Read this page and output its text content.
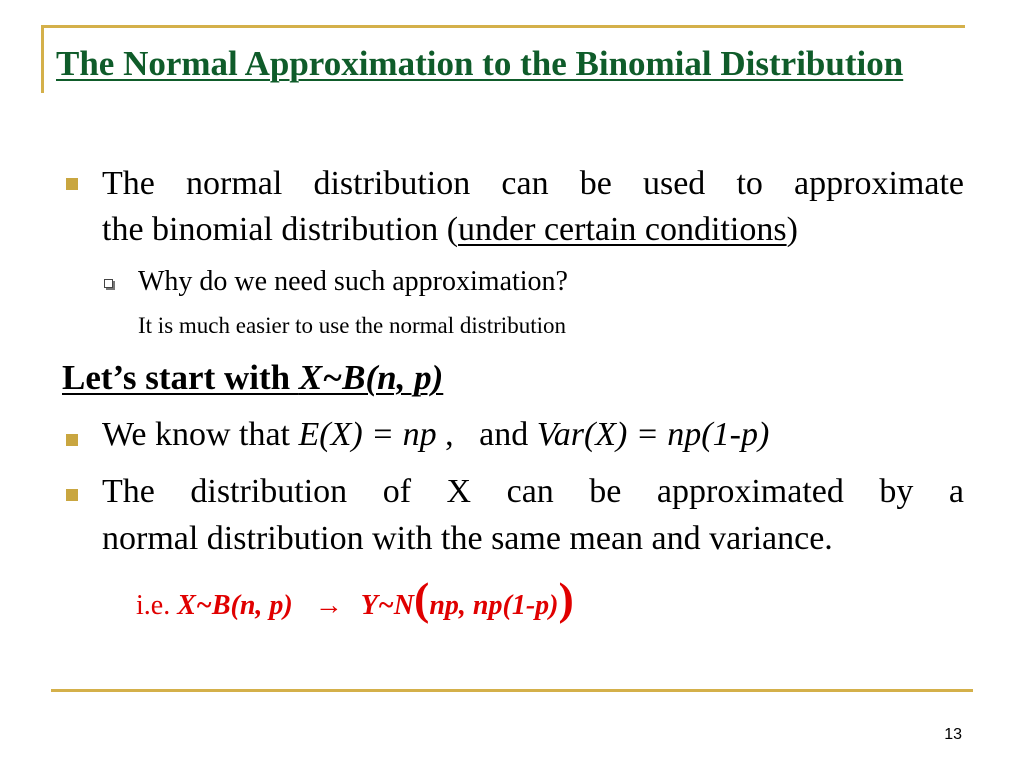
The Normal Approximation to the Binomial Distribution
The normal distribution can be used to approximate
the binomial distribution (under certain conditions)
Why do we need such approximation?
It is much easier to use the normal distribution
Let’s start with X~B(n, p)
We know that E(X) = np ,   and Var(X) = np(1-p)
The distribution of X can be approximated by a
normal distribution with the same mean and variance.
i.e. X~B(n, p) → Y~N(np, np(1-p))
13
